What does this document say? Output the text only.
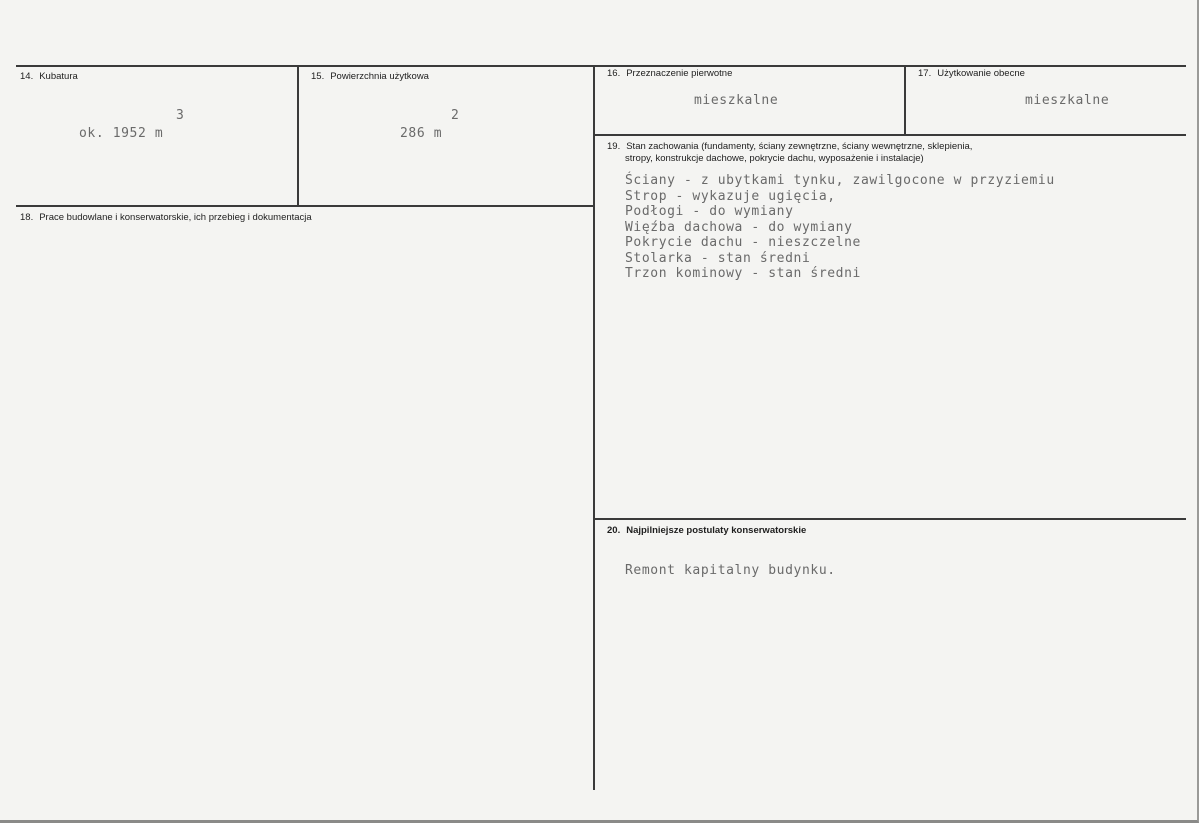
14. Kubatura
3
ok. 1952 m
15. Powierzchnia użytkowa
2
286 m
16. Przeznaczenie pierwotne
mieszkalne
17. Użytkowanie obecne
mieszkalne
18. Prace budowlane i konserwatorskie, ich przebieg i dokumentacja
19. Stan zachowania (fundamenty, ściany zewnętrzne, ściany wewnętrzne, sklepienia,
stropy, konstrukcje dachowe, pokrycie dachu, wyposażenie i instalacje)
Ściany - z ubytkami tynku, zawilgocone w przyziemiu
Strop - wykazuje ugięcia,
Podłogi - do wymiany
Więźba dachowa - do wymiany
Pokrycie dachu - nieszczelne
Stolarka - stan średni
Trzon kominowy - stan średni
20. Najpilniejsze postulaty konserwatorskie
Remont kapitalny budynku.
